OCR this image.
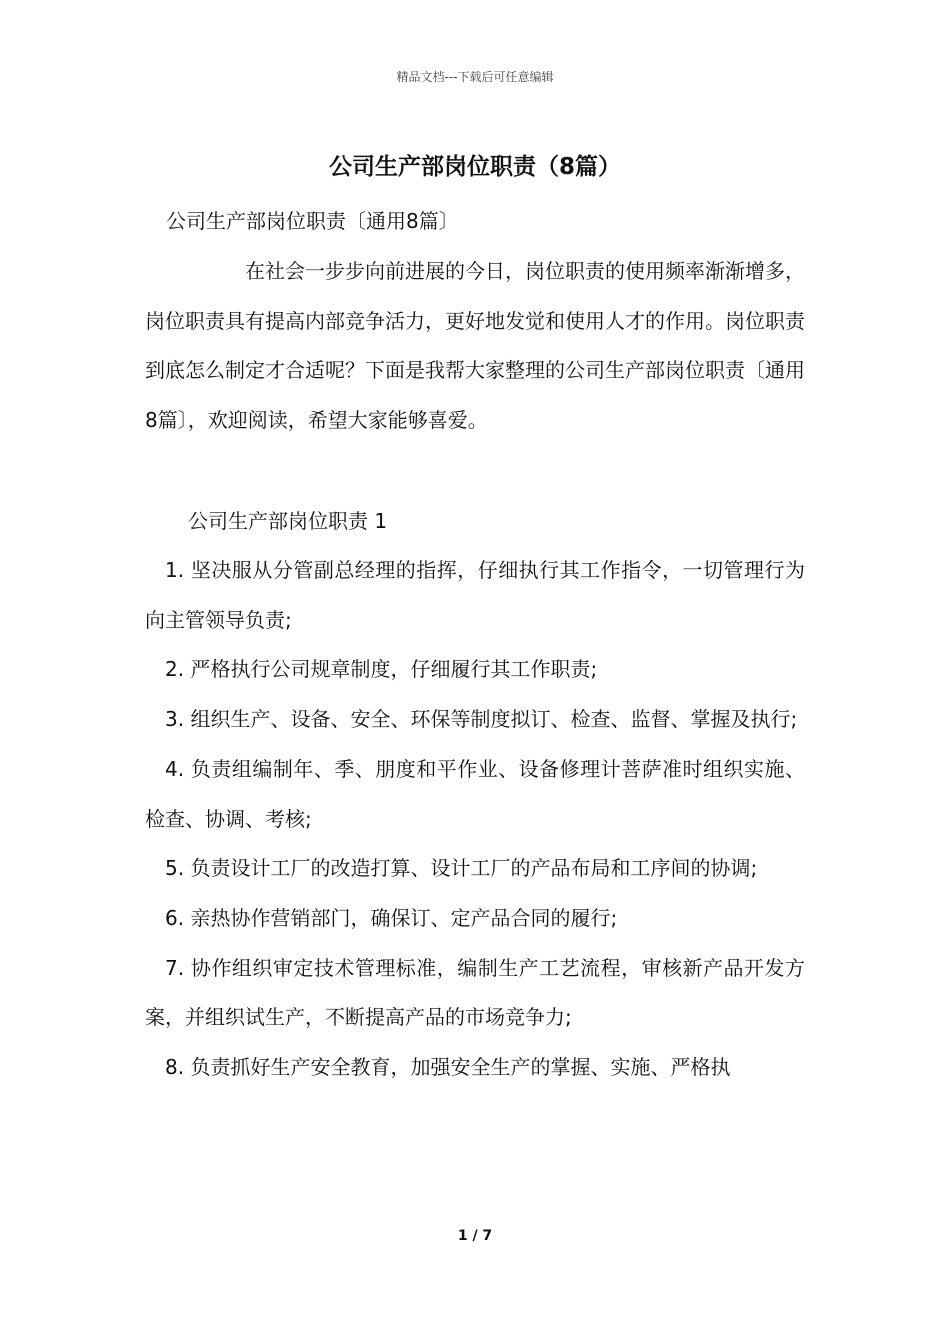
精品文档---下载后可任意编辑
公司生产部岗位职责（8篇）
公司生产部岗位职责〔通用8篇〕
在社会一步步向前进展的今日，岗位职责的使用频率渐渐增多，岗位职责具有提高内部竞争活力，更好地发觉和使用人才的作用。岗位职责到底怎么制定才合适呢？下面是我帮大家整理的公司生产部岗位职责〔通用8篇〕，欢迎阅读，希望大家能够喜爱。
公司生产部岗位职责 1

1. 坚决服从分管副总经理的指挥，仔细执行其工作指令，一切管理行为向主管领导负责;

2. 严格执行公司规章制度，仔细履行其工作职责;

3. 组织生产、设备、安全、环保等制度拟订、检查、监督、掌握及执行;

4. 负责组编制年、季、朋度和平作业、设备修理计菩萨准时组织实施、检查、协调、考核;

5. 负责设计工厂的改造打算、设计工厂的产品布局和工序间的协调;

6. 亲热协作营销部门，确保订、定产品合同的履行;

7. 协作组织审定技术管理标准，编制生产工艺流程，审核新产品开发方案，并组织试生产，不断提高产品的市场竞争力;

8. 负责抓好生产安全教育，加强安全生产的掌握、实施、严格执

1 / 7
